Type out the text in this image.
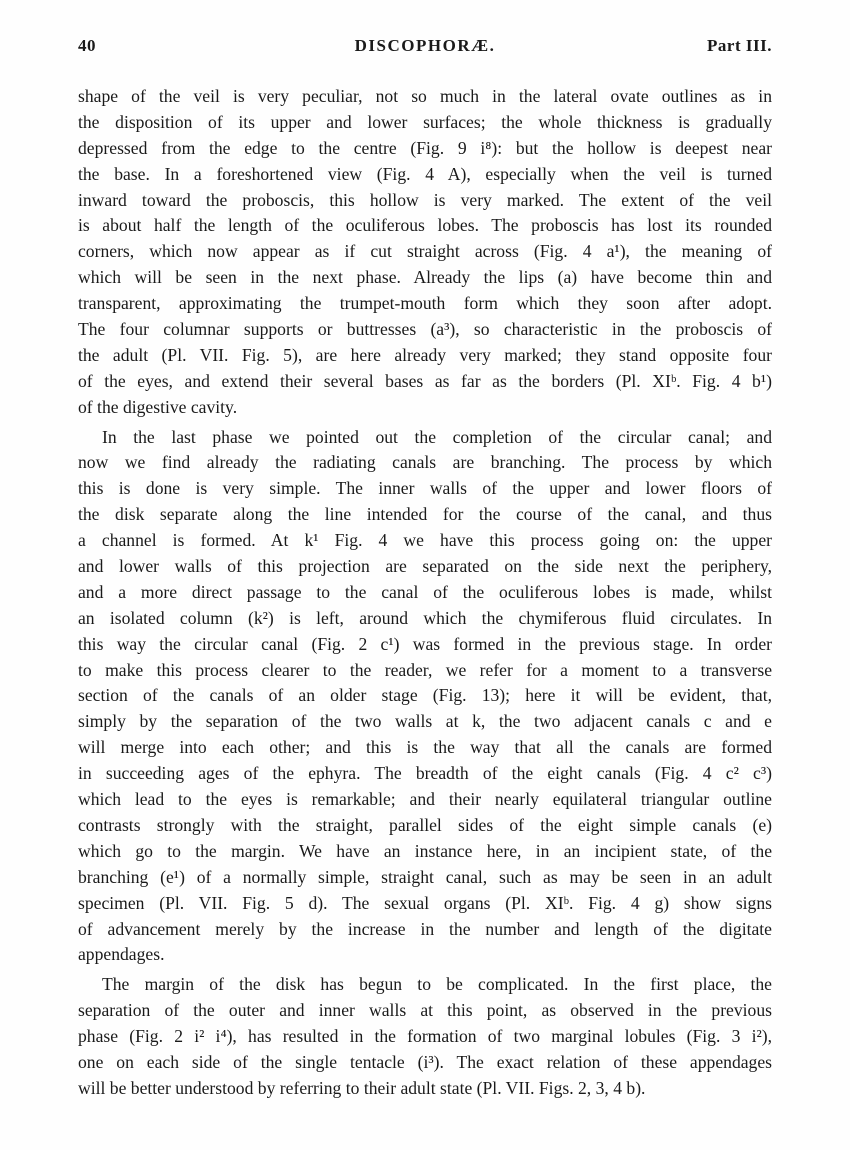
DISCOPHORÆ.
40	Part III.
shape of the veil is very peculiar, not so much in the lateral ovate outlines as in
the disposition of its upper and lower surfaces; the whole thickness is gradually
depressed from the edge to the centre (Fig. 9 i⁸): but the hollow is deepest near
the base. In a foreshortened view (Fig. 4 A), especially when the veil is turned
inward toward the proboscis, this hollow is very marked. The extent of the veil
is about half the length of the oculiferous lobes. The proboscis has lost its rounded
corners, which now appear as if cut straight across (Fig. 4 a¹), the meaning of
which will be seen in the next phase. Already the lips (a) have become thin and
transparent, approximating the trumpet-mouth form which they soon after adopt.
The four columnar supports or buttresses (a³), so characteristic in the proboscis of
the adult (Pl. VII. Fig. 5), are here already very marked; they stand opposite four
of the eyes, and extend their several bases as far as the borders (Pl. XIᵇ. Fig. 4 b¹)
of the digestive cavity.
In the last phase we pointed out the completion of the circular canal; and
now we find already the radiating canals are branching. The process by which
this is done is very simple. The inner walls of the upper and lower floors of
the disk separate along the line intended for the course of the canal, and thus
a channel is formed. At k¹ Fig. 4 we have this process going on: the upper
and lower walls of this projection are separated on the side next the periphery,
and a more direct passage to the canal of the oculiferous lobes is made, whilst
an isolated column (k²) is left, around which the chymiferous fluid circulates. In
this way the circular canal (Fig. 2 c¹) was formed in the previous stage. In order
to make this process clearer to the reader, we refer for a moment to a transverse
section of the canals of an older stage (Fig. 13); here it will be evident, that,
simply by the separation of the two walls at k, the two adjacent canals c and e
will merge into each other; and this is the way that all the canals are formed
in succeeding ages of the ephyra. The breadth of the eight canals (Fig. 4 c² c³)
which lead to the eyes is remarkable; and their nearly equilateral triangular outline
contrasts strongly with the straight, parallel sides of the eight simple canals (e)
which go to the margin. We have an instance here, in an incipient state, of the
branching (e¹) of a normally simple, straight canal, such as may be seen in an adult
specimen (Pl. VII. Fig. 5 d). The sexual organs (Pl. XIᵇ. Fig. 4 g) show signs
of advancement merely by the increase in the number and length of the digitate
appendages.
The margin of the disk has begun to be complicated. In the first place, the
separation of the outer and inner walls at this point, as observed in the previous
phase (Fig. 2 i² i⁴), has resulted in the formation of two marginal lobules (Fig. 3 i²),
one on each side of the single tentacle (i³). The exact relation of these appendages
will be better understood by referring to their adult state (Pl. VII. Figs. 2, 3, 4 b).
